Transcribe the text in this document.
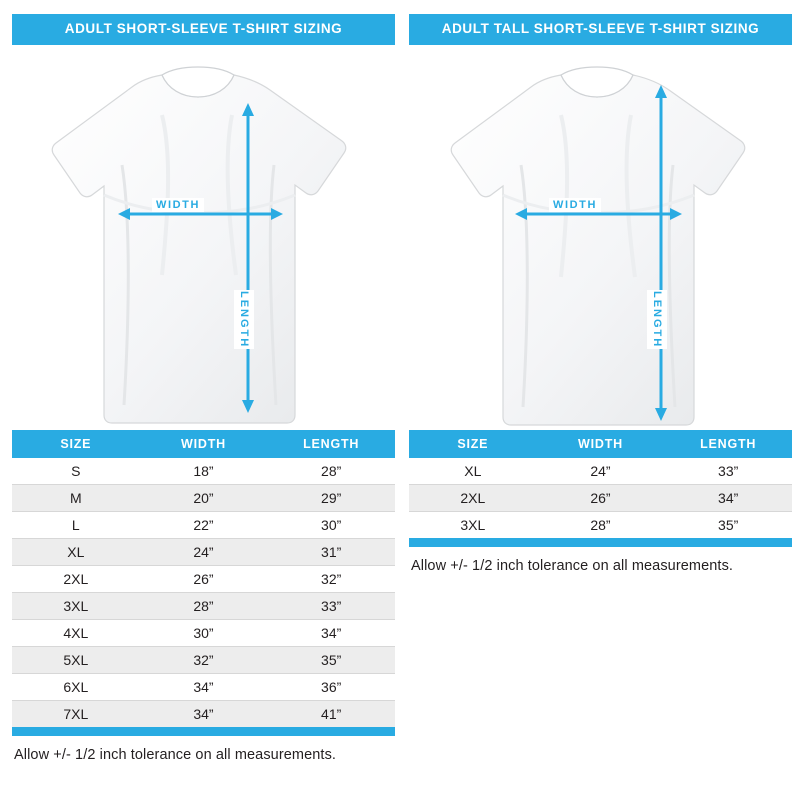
ADULT SHORT-SLEEVE T-SHIRT SIZING
WIDTH
LENGTH
SIZE	WIDTH	LENGTH
S	18”	28”
M	20”	29”
L	22”	30”
XL	24”	31”
2XL	26”	32”
3XL	28”	33”
4XL	30”	34”
5XL	32”	35”
6XL	34”	36”
7XL	34”	41”
Allow +/- 1/2 inch tolerance on all measurements.
ADULT TALL SHORT-SLEEVE T-SHIRT SIZING
WIDTH
LENGTH
SIZE	WIDTH	LENGTH
XL	24”	33”
2XL	26”	34”
3XL	28”	35”
Allow +/- 1/2 inch tolerance on all measurements.
